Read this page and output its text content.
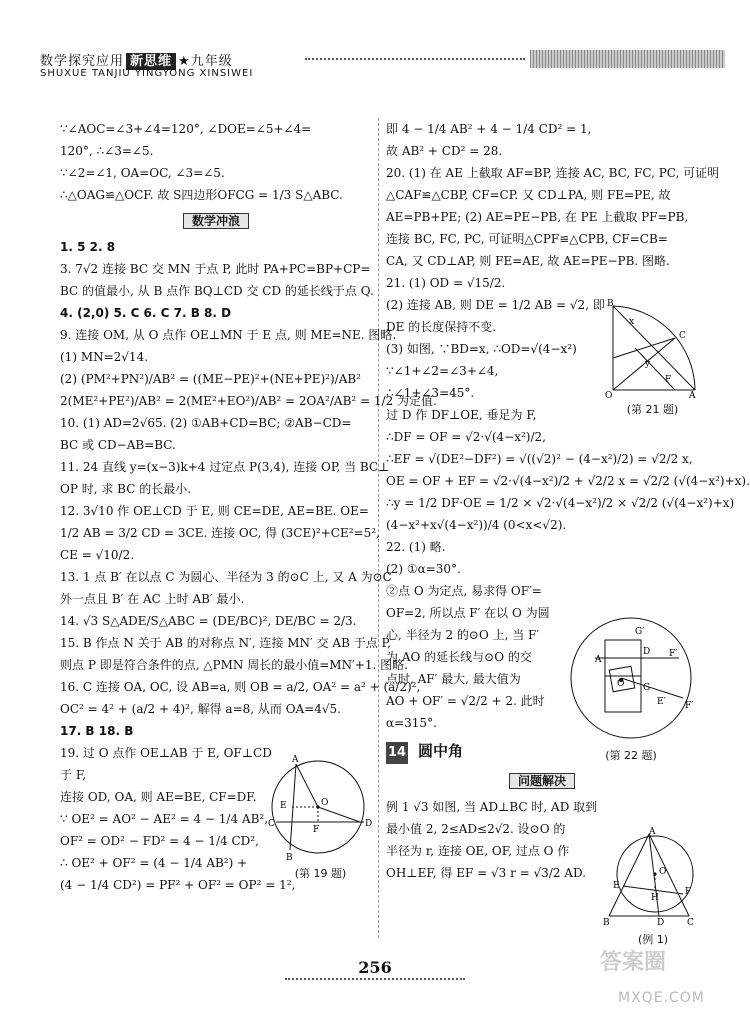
数学探究应用 新思维 ★九年级
SHUXUE TANJIU YINGYONG XINSIWEI
∵∠AOC=∠3+∠4=120°, ∠DOE=∠5+∠4=
120°, ∴∠3=∠5.
∵∠2=∠1, OA=OC, ∠3=∠5.
∴△OAG≌△OCF. 故 S四边形OFCG = 1/3 S△ABC.
数学冲浪
1. 5 2. 8
3. 7√2 连接 BC 交 MN 于点 P, 此时 PA+PC=BP+CP=
BC 的值最小, 从 B 点作 BQ⊥CD 交 CD 的延长线于点 Q.
4. (2,0) 5. C 6. C 7. B 8. D
9. 连接 OM, 从 O 点作 OE⊥MN 于 E 点, 则 ME=NE. 图略.
(1) MN=2√14.
(2) (PM²+PN²)/AB² = ((ME−PE)²+(NE+PE)²)/AB²
2(ME²+PE²)/AB² = 2(ME²+EO²)/AB² = 2OA²/AB² = 1/2 为定值.
10. (1) AD=2√65. (2) ①AB+CD=BC; ②AB−CD=
BC 或 CD−AB=BC.
11. 24 直线 y=(x−3)k+4 过定点 P(3,4), 连接 OP, 当 BC⊥
OP 时, 求 BC 的长最小.
12. 3√10 作 OE⊥CD 于 E, 则 CE=DE, AE=BE. OE=
1/2 AB = 3/2 CD = 3CE. 连接 OC, 得 (3CE)²+CE²=5²,
CE = √10/2.
13. 1 点 B′ 在以点 C 为圆心、半径为 3 的⊙C 上, 又 A 为⊙C
外一点且 B′ 在 AC 上时 AB′ 最小.
14. √3 S△ADE/S△ABC = (DE/BC)², DE/BC = 2/3.
15. B 作点 N 关于 AB 的对称点 N′, 连接 MN′ 交 AB 于点 P,
则点 P 即是符合条件的点, △PMN 周长的最小值=MN′+1. 图略.
16. C 连接 OA, OC, 设 AB=a, 则 OB = a/2, OA² = a² + (a/2)²,
OC² = 4² + (a/2 + 4)², 解得 a=8, 从而 OA=4√5.
17. B 18. B
19. 过 O 点作 OE⊥AB 于 E, OF⊥CD
于 F,
连接 OD, OA, 则 AE=BE, CF=DF.
∵ OE² = AO² − AE² = 4 − 1/4 AB²,
OF² = OD² − FD² = 4 − 1/4 CD²,
∴ OE² + OF² = (4 − 1/4 AB²) +
(4 − 1/4 CD²) = PF² + OF² = OP² = 1²,
A
E	O
C
B
D
F
(第 19 题)
即 4 − 1/4 AB² + 4 − 1/4 CD² = 1,
故 AB² + CD² = 28.
20. (1) 在 AE 上截取 AF=BP, 连接 AC, BC, FC, PC, 可证明
△CAF≌△CBP, CF=CP. 又 CD⊥PA, 则 FE=PE, 故
AE=PB+PE; (2) AE=PE−PB, 在 PE 上截取 PF=PB,
连接 BC, FC, PC, 可证明△CPF≌△CPB, CF=CB=
CA, 又 CD⊥AP, 则 FE=AE, 故 AE=PE−PB. 图略.
21. (1) OD = √15/2.
(2) 连接 AB, 则 DE = 1/2 AB = √2, 即
DE 的长度保持不变.
(3) 如图, ∵BD=x, ∴OD=√(4−x²)
∵∠1+∠2=∠3+∠4,
∴∠1+∠3=45°.
过 D 作 DF⊥OE, 垂足为 F,
∴DF = OF = √2·√(4−x²)/2,
∴EF = √(DE²−DF²) = √((√2)² − (4−x²)/2) = √2/2 x,
OE = OF + EF = √2·√(4−x²)/2 + √2/2 x = √2/2 (√(4−x²)+x).
∴y = 1/2 DF·OE = 1/2 × √2·√(4−x²)/2 × √2/2 (√(4−x²)+x)
(4−x²+x√(4−x²))/4 (0<x<√2).
22. (1) 略.
(2) ①α=30°.
②点 O 为定点, 易求得 OF′=
OF=2, 所以点 F′ 在以 O 为圆
心, 半径为 2 的⊙O 上, 当 F′
为 AO 的延长线与⊙O 的交
点时, AF′ 最大, 最大值为
AO + OF′ = √2/2 + 2. 此时
α=315°.
14 圆中角
问题解决
例 1 √3 如图, 当 AD⊥BC 时, AD 取到
最小值 2, 2≤AD≤2√2. 设⊙O 的
半径为 r, 连接 OE, OF, 过点 O 作
OH⊥EF, 得 EF = √3 r = √3/2 AD.
B
C
x
y
F
O	A
(第 21 题)
G′
A
D
O G
F′
E′ F′
(第 22 题)
A
E
O
H
F
B	D	C
(例 1)
256	答案圈
MXQE.COM
